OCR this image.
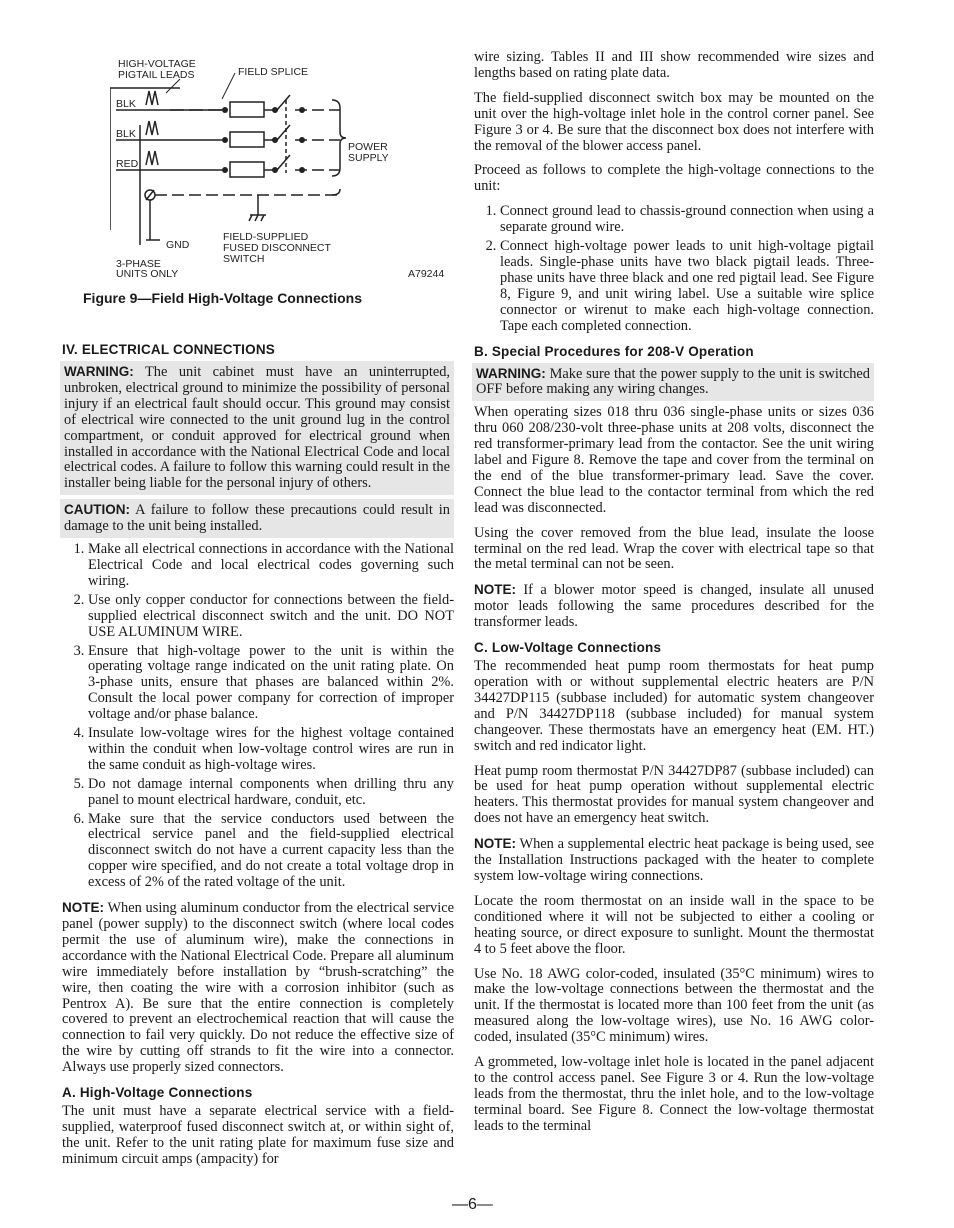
HIGH-VOLTAGE
PIGTAIL LEADS	FIELD SPLICE
BLK
BLK
RED
POWER
SUPPLY
GND
3-PHASE
UNITS ONLY
FIELD-SUPPLIED
FUSED DISCONNECT
SWITCH
A79244
Figure 9—Field High-Voltage Connections
IV. ELECTRICAL CONNECTIONS

WARNING: The unit cabinet must have an uninterrupted, unbroken, electrical ground to minimize the possibility of personal injury if an electrical fault should occur. This ground may consist of electrical wire connected to the unit ground lug in the control compartment, or conduit approved for electrical ground when installed in accordance with the National Electrical Code and local electrical codes. A failure to follow this warning could result in the installer being liable for the personal injury of others.

CAUTION: A failure to follow these precautions could result in damage to the unit being installed.

1. Make all electrical connections in accordance with the National Electrical Code and local electrical codes governing such wiring.
2. Use only copper conductor for connections between the field-supplied electrical disconnect switch and the unit. DO NOT USE ALUMINUM WIRE.
3. Ensure that high-voltage power to the unit is within the operating voltage range indicated on the unit rating plate. On 3-phase units, ensure that phases are balanced within 2%. Consult the local power company for correction of improper voltage and/or phase balance.
4. Insulate low-voltage wires for the highest voltage contained within the conduit when low-voltage control wires are run in the same conduit as high-voltage wires.
5. Do not damage internal components when drilling thru any panel to mount electrical hardware, conduit, etc.
6. Make sure that the service conductors used between the electrical service panel and the field-supplied electrical disconnect switch do not have a current capacity less than the copper wire specified, and do not create a total voltage drop in excess of 2% of the rated voltage of the unit.

NOTE: When using aluminum conductor from the electrical service panel (power supply) to the disconnect switch (where local codes permit the use of aluminum wire), make the connections in accordance with the National Electrical Code. Prepare all aluminum wire immediately before installation by “brush-scratching” the wire, then coating the wire with a corrosion inhibitor (such as Pentrox A). Be sure that the entire connection is completely covered to prevent an electrochemical reaction that will cause the connection to fail very quickly. Do not reduce the effective size of the wire by cutting off strands to fit the wire into a connector. Always use properly sized connectors.

A. High-Voltage Connections

The unit must have a separate electrical service with a field-supplied, waterproof fused disconnect switch at, or within sight of, the unit. Refer to the unit rating plate for maximum fuse size and minimum circuit amps (ampacity) for

wire sizing. Tables II and III show recommended wire sizes and lengths based on rating plate data.

The field-supplied disconnect switch box may be mounted on the unit over the high-voltage inlet hole in the control corner panel. See Figure 3 or 4. Be sure that the disconnect box does not interfere with the removal of the blower access panel.

Proceed as follows to complete the high-voltage connections to the unit:

1. Connect ground lead to chassis-ground connection when using a separate ground wire.
2. Connect high-voltage power leads to unit high-voltage pigtail leads. Single-phase units have two black pigtail leads. Three-phase units have three black and one red pigtail lead. See Figure 8, Figure 9, and unit wiring label. Use a suitable wire splice connector or wirenut to make each high-voltage connection. Tape each completed connection.
B. Special Procedures for 208-V Operation

WARNING: Make sure that the power supply to the unit is switched OFF before making any wiring changes.

When operating sizes 018 thru 036 single-phase units or sizes 036 thru 060 208/230-volt three-phase units at 208 volts, disconnect the red transformer-primary lead from the contactor. See the unit wiring label and Figure 8. Remove the tape and cover from the terminal on the end of the blue transformer-primary lead. Save the cover. Connect the blue lead to the contactor terminal from which the red lead was disconnected.

Using the cover removed from the blue lead, insulate the loose terminal on the red lead. Wrap the cover with electrical tape so that the metal terminal can not be seen.

NOTE: If a blower motor speed is changed, insulate all unused motor leads following the same procedures described for the transformer leads.

C. Low-Voltage Connections

The recommended heat pump room thermostats for heat pump operation with or without supplemental electric heaters are P/N 34427DP115 (subbase included) for automatic system changeover and P/N 34427DP118 (subbase included) for manual system changeover. These thermostats have an emergency heat (EM. HT.) switch and red indicator light.

Heat pump room thermostat P/N 34427DP87 (subbase included) can be used for heat pump operation without supplemental electric heaters. This thermostat provides for manual system changeover and does not have an emergency heat switch.

NOTE: When a supplemental electric heat package is being used, see the Installation Instructions packaged with the heater to complete system low-voltage wiring connections.

Locate the room thermostat on an inside wall in the space to be conditioned where it will not be subjected to either a cooling or heating source, or direct exposure to sunlight. Mount the thermostat 4 to 5 feet above the floor.

Use No. 18 AWG color-coded, insulated (35°C minimum) wires to make the low-voltage connections between the thermostat and the unit. If the thermostat is located more than 100 feet from the unit (as measured along the low-voltage wires), use No. 16 AWG color-coded, insulated (35°C minimum) wires.

A grommeted, low-voltage inlet hole is located in the panel adjacent to the control access panel. See Figure 3 or 4. Run the low-voltage leads from the thermostat, thru the inlet hole, and to the low-voltage terminal board. See Figure 8. Connect the low-voltage thermostat leads to the terminal

—6—
